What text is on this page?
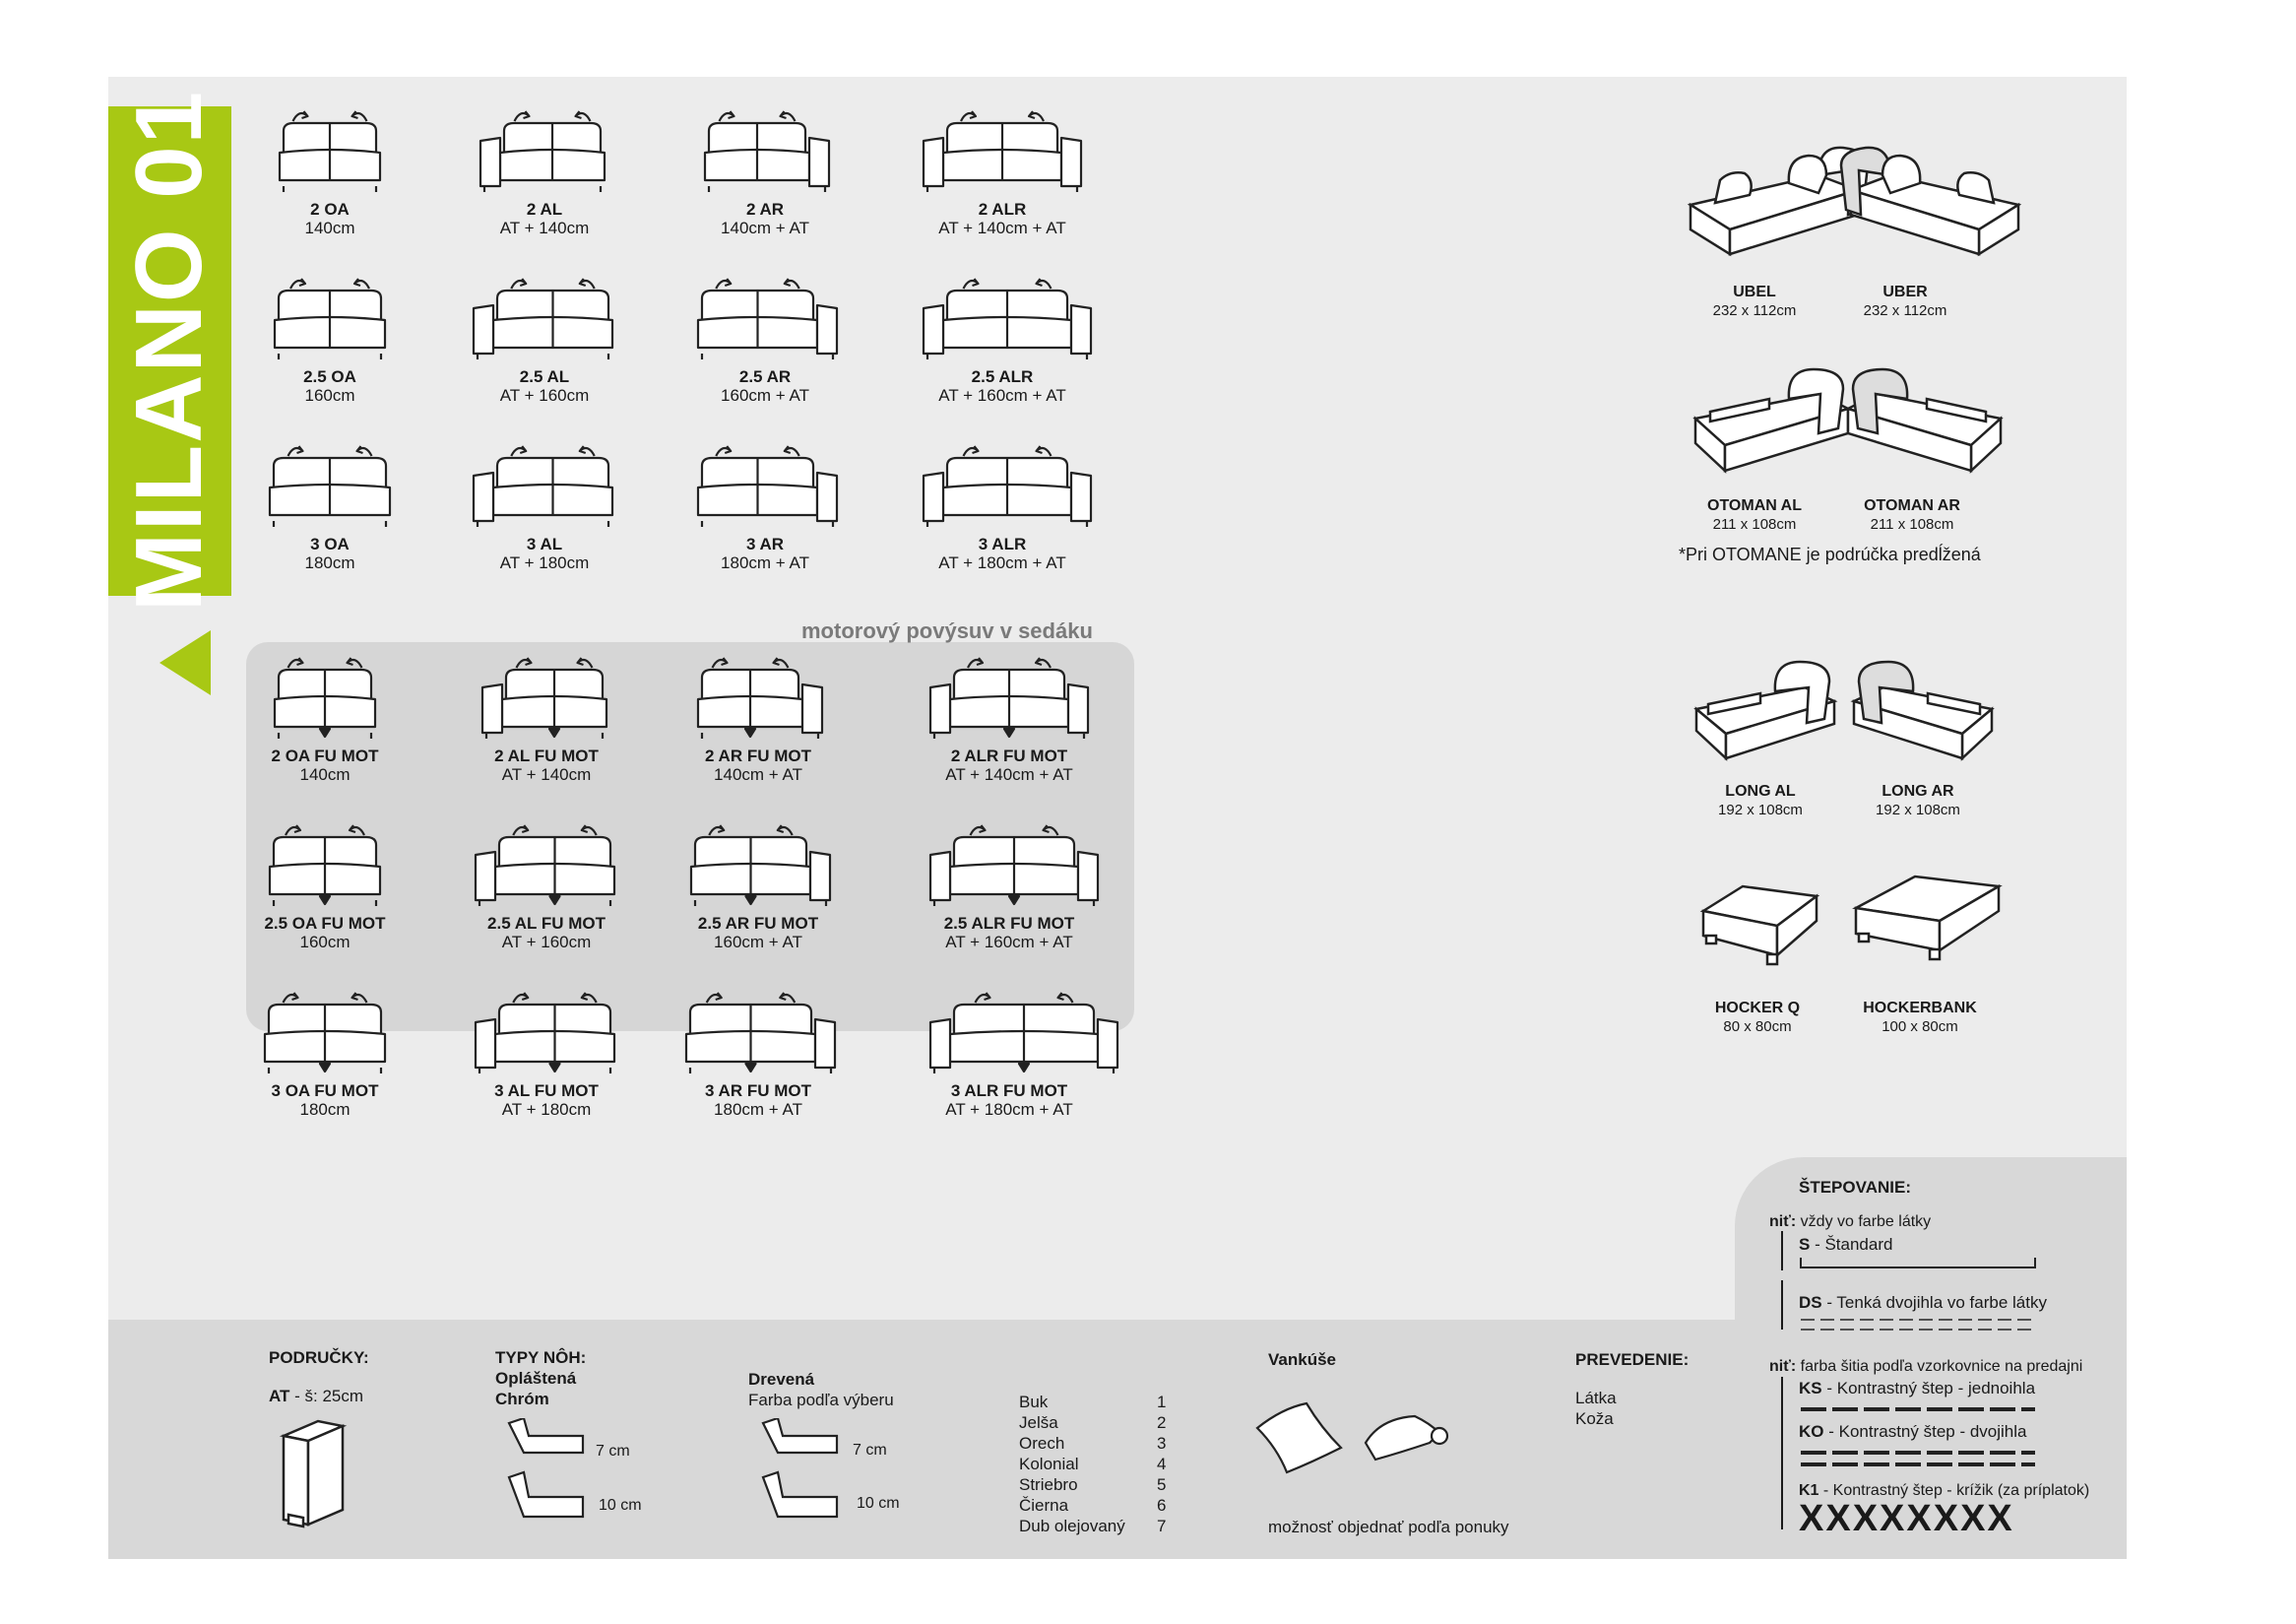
MILANO 01
motorový povýsuv v sedáku
2 OA
140cm
2 AL
AT + 140cm
2 AR
140cm + AT
2 ALR
AT + 140cm + AT
2.5 OA
160cm
2.5 AL
AT + 160cm
2.5 AR
160cm + AT
2.5 ALR
AT + 160cm + AT
3 OA
180cm
3 AL
AT + 180cm
3 AR
180cm + AT
3 ALR
AT + 180cm + AT
2 OA FU MOT
140cm
2 AL FU MOT
AT + 140cm
2 AR FU MOT
140cm + AT
2 ALR FU MOT
AT + 140cm + AT
2.5 OA FU MOT
160cm
2.5 AL FU MOT
AT + 160cm
2.5 AR FU MOT
160cm + AT
2.5 ALR FU MOT
AT + 160cm + AT
3 OA FU MOT
180cm
3 AL FU MOT
AT + 180cm
3 AR FU MOT
180cm + AT
3 ALR FU MOT
AT + 180cm + AT
UBEL
232 x 112cm
UBER
232 x 112cm
OTOMAN AL
211 x 108cm
OTOMAN AR
211 x 108cm
*Pri OTOMANE je podrúčka predĺžená
LONG AL
192 x 108cm
LONG AR
192 x 108cm
HOCKER Q
80 x 80cm
HOCKERBANK
100 x 80cm
PODRUČKY:
AT - š: 25cm
TYPY NÔH:
Opláštená
Chróm
7 cm
10 cm
Drevená
Farba podľa výberu
7 cm
10 cm
Buk	1
Jelša	2
Orech	3
Kolonial	4
Striebro	5
Čierna	6
Dub olejovaný 7
Vankúše
možnosť objednať podľa ponuky
PREVEDENIE:
Látka
Koža
ŠTEPOVANIE:
niť: vždy vo farbe látky
S - Štandard
DS - Tenká dvojihla vo farbe látky
niť: farba šitia podľa vzorkovnice na predajni
KS - Kontrastný štep - jednoihla
KO - Kontrastný štep - dvojihla
K1 - Kontrastný štep - krížik (za príplatok)
XXXXXXXX
